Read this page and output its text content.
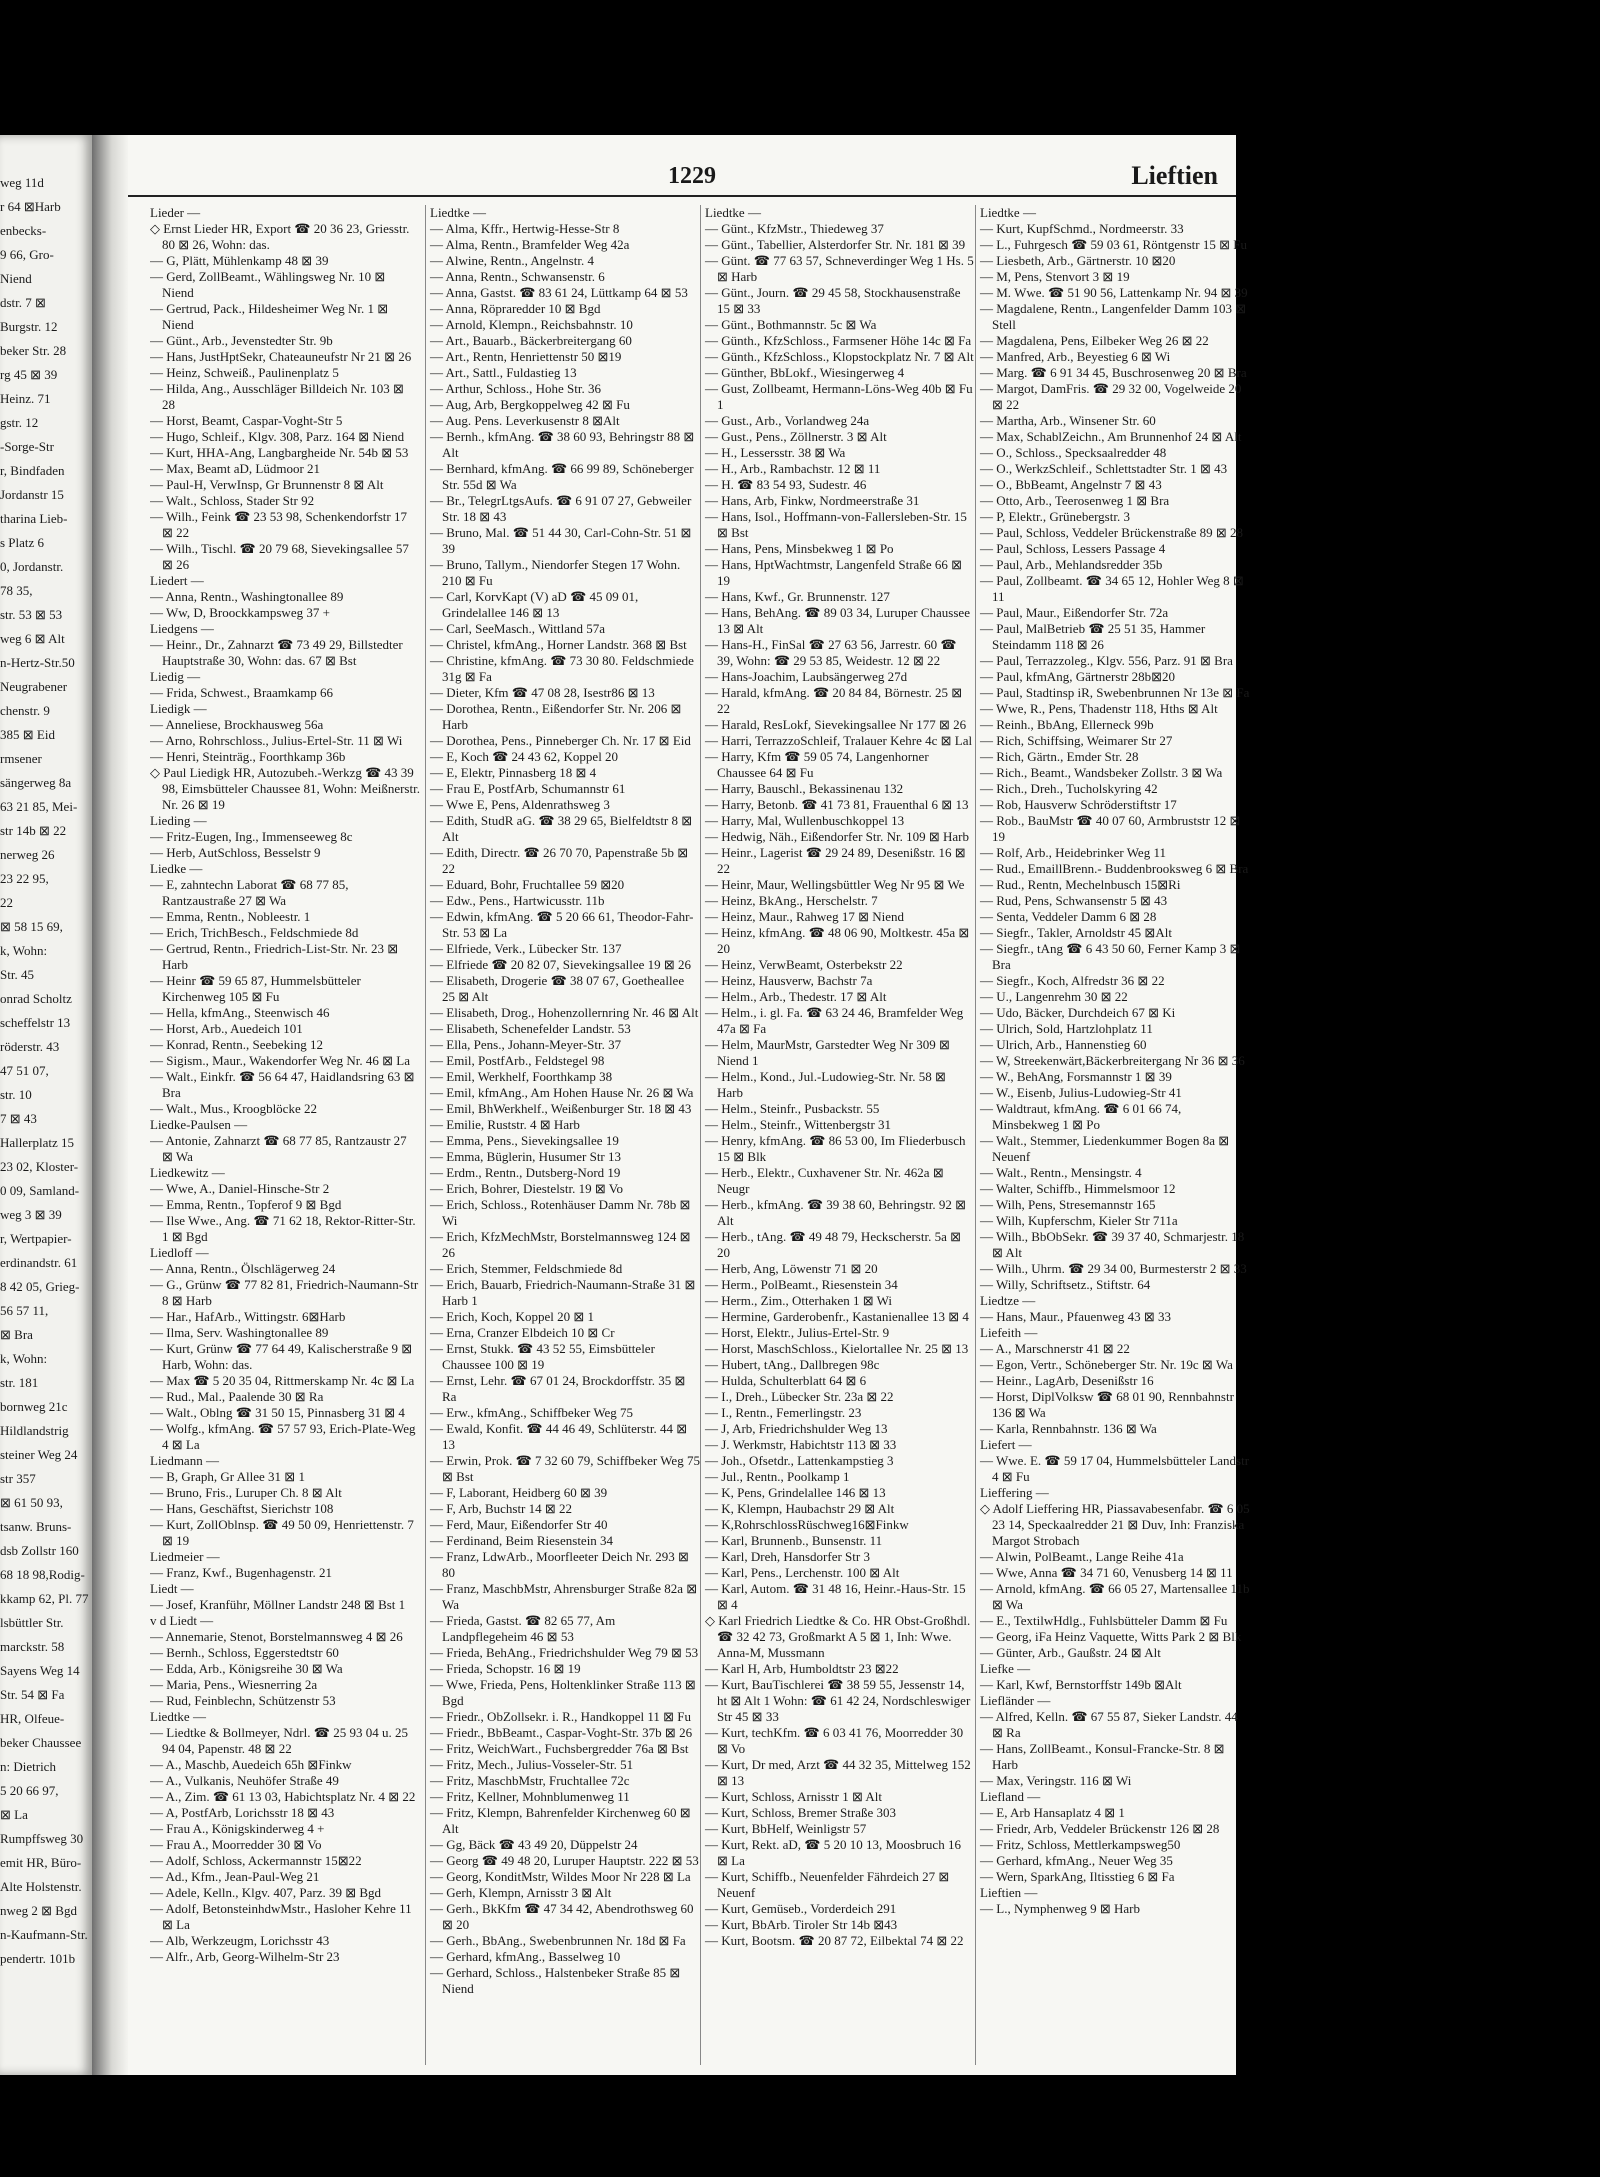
weg 11d
r 64 ⊠Harb
enbecks-
9 66, Gro-
Niend
dstr. 7 ⊠
Burgstr. 12
beker Str. 28
rg 45 ⊠ 39
Heinz. 71
gstr. 12
-Sorge-Str
r, Bindfaden
Jordanstr 15
tharina Lieb-
s Platz 6
0, Jordanstr.
78 35,
str. 53 ⊠ 53
weg 6 ⊠ Alt
n-Hertz-Str.50
Neugrabener
chenstr. 9
385 ⊠ Eid
rmsener
sängerweg 8a
63 21 85, Mei-
str 14b ⊠ 22
nerweg 26
23 22 95,
22
⊠ 58 15 69,
k, Wohn:
Str. 45
onrad Scholtz
scheffelstr 13
röderstr. 43
47 51 07,
str. 10
7 ⊠ 43
Hallerplatz 15
23 02, Kloster-
0 09, Samland-
weg 3 ⊠ 39
r, Wertpapier-
erdinandstr. 61
8 42 05, Grieg-
56 57 11,
⊠ Bra
k, Wohn:
str. 181
bornweg 21c
Hildlandstrig
steiner Weg 24
str 357
⊠ 61 50 93,
tsanw. Bruns-
dsb Zollstr 160
68 18 98,Rodig-
kkamp 62, Pl. 77
lsbüttler Str.
marckstr. 58
Sayens Weg 14
Str. 54 ⊠ Fa
HR, Olfeue-
beker Chaussee
n: Dietrich
5 20 66 97,
⊠ La
Rumpffsweg 30
emit HR, Büro-
Alte Holstenstr.
nweg 2 ⊠ Bgd
n-Kaufmann-Str.
pendertr. 101b
1229	Lieftien

Lieder —

◇ Ernst Lieder HR, Export ☎ 20 36 23, Griesstr. 80 ⊠ 26, Wohn: das.

— G, Plätt, Mühlenkamp 48 ⊠ 39

— Gerd, ZollBeamt., Wählingsweg Nr. 10 ⊠ Niend

— Gertrud, Pack., Hildesheimer Weg Nr. 1 ⊠ Niend

— Günt., Arb., Jevenstedter Str. 9b

— Hans, JustHptSekr, Chateauneufstr Nr 21 ⊠ 26

— Heinz, Schweiß., Paulinenplatz 5

— Hilda, Ang., Ausschläger Billdeich Nr. 103 ⊠ 28

— Horst, Beamt, Caspar-Voght-Str 5

— Hugo, Schleif., Klgv. 308, Parz. 164 ⊠ Niend

— Kurt, HHA-Ang, Langbargheide Nr. 54b ⊠ 53

— Max, Beamt aD, Lüdmoor 21

— Paul-H, VerwInsp, Gr Brunnenstr 8 ⊠ Alt

— Walt., Schloss, Stader Str 92

— Wilh., Feink ☎ 23 53 98, Schenkendorfstr 17 ⊠ 22

— Wilh., Tischl. ☎ 20 79 68, Sievekingsallee 57 ⊠ 26

Liedert —

— Anna, Rentn., Washingtonallee 89

— Ww, D, Broockkampsweg 37 +

Liedgens —

— Heinr., Dr., Zahnarzt ☎ 73 49 29, Billstedter Hauptstraße 30, Wohn: das. 67 ⊠ Bst

Liedig —

— Frida, Schwest., Braamkamp 66

Liedigk —

— Anneliese, Brockhausweg 56a

— Arno, Rohrschloss., Julius-Ertel-Str. 11 ⊠ Wi

— Henri, Steinträg., Foorthkamp 36b

◇ Paul Liedigk HR, Autozubeh.-Werkzg ☎ 43 39 98, Eimsbütteler Chaussee 81, Wohn: Meißnerstr. Nr. 26 ⊠ 19

Lieding —

— Fritz-Eugen, Ing., Immenseeweg 8c

— Herb, AutSchloss, Besselstr 9

Liedke —

— E, zahntechn Laborat ☎ 68 77 85, Rantzaustraße 27 ⊠ Wa

— Emma, Rentn., Nobleestr. 1

— Erich, TrichBesch., Feldschmiede 8d

— Gertrud, Rentn., Friedrich-List-Str. Nr. 23 ⊠ Harb

— Heinr ☎ 59 65 87, Hummelsbütteler Kirchenweg 105 ⊠ Fu

— Hella, kfmAng., Steenwisch 46

— Horst, Arb., Auedeich 101

— Konrad, Rentn., Seebeking 12

— Sigism., Maur., Wakendorfer Weg Nr. 46 ⊠ La

— Walt., Einkfr. ☎ 56 64 47, Haidlandsring 63 ⊠ Bra

— Walt., Mus., Kroogblöcke 22

Liedke-Paulsen —

— Antonie, Zahnarzt ☎ 68 77 85, Rantzaustr 27 ⊠ Wa

Liedkewitz —

— Wwe, A., Daniel-Hinsche-Str 2

— Emma, Rentn., Topferof 9 ⊠ Bgd

— Ilse Wwe., Ang. ☎ 71 62 18, Rektor-Ritter-Str. 1 ⊠ Bgd

Liedloff —

— Anna, Rentn., Ölschlägerweg 24

— G., Grünw ☎ 77 82 81, Friedrich-Naumann-Str 8 ⊠ Harb

— Har., HafArb., Wittingstr. 6⊠Harb

— Ilma, Serv. Washingtonallee 89

— Kurt, Grünw ☎ 77 64 49, Kalischerstraße 9 ⊠ Harb, Wohn: das.

— Max ☎ 5 20 35 04, Rittmerskamp Nr. 4c ⊠ La

— Rud., Mal., Paalende 30 ⊠ Ra

— Walt., Oblng ☎ 31 50 15, Pinnasberg 31 ⊠ 4

— Wolfg., kfmAng. ☎ 57 57 93, Erich-Plate-Weg 4 ⊠ La

Liedmann —

— B, Graph, Gr Allee 31 ⊠ 1

— Bruno, Fris., Luruper Ch. 8 ⊠ Alt

— Hans, Geschäftst, Sierichstr 108

— Kurt, ZollOblnsp. ☎ 49 50 09, Henriettenstr. 7 ⊠ 19

Liedmeier —

— Franz, Kwf., Bugenhagenstr. 21

Liedt —

— Josef, Kranführ, Möllner Landstr 248 ⊠ Bst 1

v d Liedt —

— Annemarie, Stenot, Borstelmannsweg 4 ⊠ 26

— Bernh., Schloss, Eggerstedtstr 60

— Edda, Arb., Königsreihe 30 ⊠ Wa

— Maria, Pens., Wiesnerring 2a

— Rud, Feinblechn, Schützenstr 53

Liedtke —

— Liedtke & Bollmeyer, Ndrl. ☎ 25 93 04 u. 25 94 04, Papenstr. 48 ⊠ 22

— A., Maschb, Auedeich 65h ⊠Finkw

— A., Vulkanis, Neuhöfer Straße 49

— A., Zim. ☎ 61 13 03, Habichtsplatz Nr. 4 ⊠ 22

— A, PostfArb, Lorichsstr 18 ⊠ 43

— Frau A., Königskinderweg 4 +

— Frau A., Moorredder 30 ⊠ Vo

— Adolf, Schloss, Ackermannstr 15⊠22

— Ad., Kfm., Jean-Paul-Weg 21

— Adele, Kelln., Klgv. 407, Parz. 39 ⊠ Bgd

— Adolf, BetonsteinhdwMstr., Hasloher Kehre 11 ⊠ La

— Alb, Werkzeugm, Lorichsstr 43

— Alfr., Arb, Georg-Wilhelm-Str 23

Liedtke —

— Alma, Kffr., Hertwig-Hesse-Str 8

— Alma, Rentn., Bramfelder Weg 42a

— Alwine, Rentn., Angelnstr. 4

— Anna, Rentn., Schwansenstr. 6

— Anna, Gastst. ☎ 83 61 24, Lüttkamp 64 ⊠ 53

— Anna, Röpraredder 10 ⊠ Bgd

— Arnold, Klempn., Reichsbahnstr. 10

— Art., Bauarb., Bäckerbreitergang 60

— Art., Rentn, Henriettenstr 50 ⊠19

— Art., Sattl., Fuldastieg 13

— Arthur, Schloss., Hohe Str. 36

— Aug, Arb, Bergkoppelweg 42 ⊠ Fu

— Aug. Pens. Leverkusenstr 8 ⊠Alt

— Bernh., kfmAng. ☎ 38 60 93, Behringstr 88 ⊠ Alt

— Bernhard, kfmAng. ☎ 66 99 89, Schöneberger Str. 55d ⊠ Wa

— Br., TelegrLtgsAufs. ☎ 6 91 07 27, Gebweiler Str. 18 ⊠ 43

— Bruno, Mal. ☎ 51 44 30, Carl-Cohn-Str. 51 ⊠ 39

— Bruno, Tallym., Niendorfer Stegen 17 Wohn. 210 ⊠ Fu

— Carl, KorvKapt (V) aD ☎ 45 09 01, Grindelallee 146 ⊠ 13

— Carl, SeeMasch., Wittland 57a

— Christel, kfmAng., Horner Landstr. 368 ⊠ Bst

— Christine, kfmAng. ☎ 73 30 80. Feldschmiede 31g ⊠ Fa

— Dieter, Kfm ☎ 47 08 28, Isestr86 ⊠ 13

— Dorothea, Rentn., Eißendorfer Str. Nr. 206 ⊠ Harb

— Dorothea, Pens., Pinneberger Ch. Nr. 17 ⊠ Eid

— E, Koch ☎ 24 43 62, Koppel 20

— E, Elektr, Pinnasberg 18 ⊠ 4

— Frau E, PostfArb, Schumannstr 61

— Wwe E, Pens, Aldenrathsweg 3

— Edith, StudR aG. ☎ 38 29 65, Bielfeldtstr 8 ⊠ Alt

— Edith, Directr. ☎ 26 70 70, Papenstraße 5b ⊠ 22

— Eduard, Bohr, Fruchtallee 59 ⊠20

— Edw., Pens., Hartwicusstr. 11b

— Edwin, kfmAng. ☎ 5 20 66 61, Theodor-Fahr-Str. 53 ⊠ La

— Elfriede, Verk., Lübecker Str. 137

— Elfriede ☎ 20 82 07, Sievekingsallee 19 ⊠ 26

— Elisabeth, Drogerie ☎ 38 07 67, Goetheallee 25 ⊠ Alt

— Elisabeth, Drog., Hohenzollernring Nr. 46 ⊠ Alt

— Elisabeth, Schenefelder Landstr. 53

— Ella, Pens., Johann-Meyer-Str. 37

— Emil, PostfArb., Feldstegel 98

— Emil, Werkhelf, Foorthkamp 38

— Emil, kfmAng., Am Hohen Hause Nr. 26 ⊠ Wa

— Emil, BhWerkhelf., Weißenburger Str. 18 ⊠ 43

— Emilie, Ruststr. 4 ⊠ Harb

— Emma, Pens., Sievekingsallee 19

— Emma, Büglerin, Husumer Str 13

— Erdm., Rentn., Dutsberg-Nord 19

— Erich, Bohrer, Diestelstr. 19 ⊠ Vo

— Erich, Schloss., Rotenhäuser Damm Nr. 78b ⊠ Wi

— Erich, KfzMechMstr, Borstelmannsweg 124 ⊠ 26

— Erich, Stemmer, Feldschmiede 8d

— Erich, Bauarb, Friedrich-Naumann-Straße 31 ⊠ Harb 1

— Erich, Koch, Koppel 20 ⊠ 1

— Erna, Cranzer Elbdeich 10 ⊠ Cr

— Ernst, Stukk. ☎ 43 52 55, Eimsbütteler Chaussee 100 ⊠ 19

— Ernst, Lehr. ☎ 67 01 24, Brockdorffstr. 35 ⊠ Ra

— Erw., kfmAng., Schiffbeker Weg 75

— Ewald, Konfit. ☎ 44 46 49, Schlüterstr. 44 ⊠ 13

— Erwin, Prok. ☎ 7 32 60 79, Schiffbeker Weg 75 ⊠ Bst

— F, Laborant, Heidberg 60 ⊠ 39

— F, Arb, Buchstr 14 ⊠ 22

— Ferd, Maur, Eißendorfer Str 40

— Ferdinand, Beim Riesenstein 34

— Franz, LdwArb., Moorfleeter Deich Nr. 293 ⊠ 80

— Franz, MaschbMstr, Ahrensburger Straße 82a ⊠ Wa

— Frieda, Gastst. ☎ 82 65 77, Am Landpflegeheim 46 ⊠ 53

— Frieda, BehAng., Friedrichshulder Weg 79 ⊠ 53

— Frieda, Schopstr. 16 ⊠ 19

— Wwe, Frieda, Pens, Holtenklinker Straße 113 ⊠ Bgd

— Friedr., ObZollsekr. i. R., Handkoppel 11 ⊠ Fu

— Friedr., BbBeamt., Caspar-Voght-Str. 37b ⊠ 26

— Fritz, WeichWart., Fuchsbergredder 76a ⊠ Bst

— Fritz, Mech., Julius-Vosseler-Str. 51

— Fritz, MaschbMstr, Fruchtallee 72c

— Fritz, Kellner, Mohnblumenweg 11

— Fritz, Klempn, Bahrenfelder Kirchenweg 60 ⊠ Alt

— Gg, Bäck ☎ 43 49 20, Düppelstr 24

— Georg ☎ 49 48 20, Luruper Hauptstr. 222 ⊠ 53

— Georg, KonditMstr, Wildes Moor Nr 228 ⊠ La

— Gerh, Klempn, Arnisstr 3 ⊠ Alt

— Gerh., BkKfm ☎ 47 34 42, Abendrothsweg 60 ⊠ 20

— Gerh., BbAng., Swebenbrunnen Nr. 18d ⊠ Fa

— Gerhard, kfmAng., Basselweg 10

— Gerhard, Schloss., Halstenbeker Straße 85 ⊠ Niend

Liedtke —

— Günt., KfzMstr., Thiedeweg 37

— Günt., Tabellier, Alsterdorfer Str. Nr. 181 ⊠ 39

— Günt. ☎ 77 63 57, Schneverdinger Weg 1 Hs. 5 ⊠ Harb

— Günt., Journ. ☎ 29 45 58, Stockhausenstraße 15 ⊠ 33

— Günt., Bothmannstr. 5c ⊠ Wa

— Günth., KfzSchloss., Farmsener Höhe 14c ⊠ Fa

— Günth., KfzSchloss., Klopstockplatz Nr. 7 ⊠ Alt

— Günther, BbLokf., Wiesingerweg 4

— Gust, Zollbeamt, Hermann-Löns-Weg 40b ⊠ Fu 1

— Gust., Arb., Vorlandweg 24a

— Gust., Pens., Zöllnerstr. 3 ⊠ Alt

— H., Lessersstr. 38 ⊠ Wa

— H., Arb., Rambachstr. 12 ⊠ 11

— H. ☎ 83 54 93, Sudestr. 46

— Hans, Arb, Finkw, Nordmeerstraße 31

— Hans, Isol., Hoffmann-von-Fallersleben-Str. 15 ⊠ Bst

— Hans, Pens, Minsbekweg 1 ⊠ Po

— Hans, HptWachtmstr, Langenfeld Straße 66 ⊠ 19

— Hans, Kwf., Gr. Brunnenstr. 127

— Hans, BehAng. ☎ 89 03 34, Luruper Chaussee 13 ⊠ Alt

— Hans-H., FinSal ☎ 27 63 56, Jarrestr. 60 ☎ 39, Wohn: ☎ 29 53 85, Weidestr. 12 ⊠ 22

— Hans-Joachim, Laubsängerweg 27d

— Harald, kfmAng. ☎ 20 84 84, Börnestr. 25 ⊠ 22

— Harald, ResLokf, Sievekingsallee Nr 177 ⊠ 26

— Harri, TerrazzoSchleif, Tralauer Kehre 4c ⊠ Lal

— Harry, Kfm ☎ 59 05 74, Langenhorner Chaussee 64 ⊠ Fu

— Harry, Bauschl., Bekassinenau 132

— Harry, Betonb. ☎ 41 73 81, Frauenthal 6 ⊠ 13

— Harry, Mal, Wullenbuschkoppel 13

— Hedwig, Näh., Eißendorfer Str. Nr. 109 ⊠ Harb

— Heinr., Lagerist ☎ 29 24 89, Desenißstr. 16 ⊠ 22

— Heinr, Maur, Wellingsbüttler Weg Nr 95 ⊠ We

— Heinz, BkAng., Herschelstr. 7

— Heinz, Maur., Rahweg 17 ⊠ Niend

— Heinz, kfmAng. ☎ 48 06 90, Moltkestr. 45a ⊠ 20

— Heinz, VerwBeamt, Osterbekstr 22

— Heinz, Hausverw, Bachstr 7a

— Helm., Arb., Thedestr. 17 ⊠ Alt

— Helm., i. gl. Fa. ☎ 63 24 46, Bramfelder Weg 47a ⊠ Fa

— Helm, MaurMstr, Garstedter Weg Nr 309 ⊠ Niend 1

— Helm., Kond., Jul.-Ludowieg-Str. Nr. 58 ⊠ Harb

— Helm., Steinfr., Pusbackstr. 55

— Helm., Steinfr., Wittenbergstr 31

— Henry, kfmAng. ☎ 86 53 00, Im Fliederbusch 15 ⊠ Blk

— Herb., Elektr., Cuxhavener Str. Nr. 462a ⊠ Neugr

— Herb., kfmAng. ☎ 39 38 60, Behringstr. 92 ⊠ Alt

— Herb., tAng. ☎ 49 48 79, Heckscherstr. 5a ⊠ 20

— Herb, Ang, Löwenstr 71 ⊠ 20

— Herm., PolBeamt., Riesenstein 34

— Herm., Zim., Otterhaken 1 ⊠ Wi

— Hermine, Garderobenfr., Kastanienallee 13 ⊠ 4

— Horst, Elektr., Julius-Ertel-Str. 9

— Horst, MaschSchloss., Kielortallee Nr. 25 ⊠ 13

— Hubert, tAng., Dallbregen 98c

— Hulda, Schulterblatt 64 ⊠ 6

— I., Dreh., Lübecker Str. 23a ⊠ 22

— I., Rentn., Femerlingstr. 23

— J, Arb, Friedrichshulder Weg 13

— J. Werkmstr, Habichtstr 113 ⊠ 33

— Joh., Ofsetdr., Lattenkampstieg 3

— Jul., Rentn., Poolkamp 1

— K, Pens, Grindelallee 146 ⊠ 13

— K, Klempn, Haubachstr 29 ⊠ Alt

— K,RohrschlossRüschweg16⊠Finkw

— Karl, Brunnenb., Bunsenstr. 11

— Karl, Dreh, Hansdorfer Str 3

— Karl, Pens., Lerchenstr. 100 ⊠ Alt

— Karl, Autom. ☎ 31 48 16, Heinr.-Haus-Str. 15 ⊠ 4

◇ Karl Friedrich Liedtke & Co. HR Obst-Großhdl. ☎ 32 42 73, Großmarkt A 5 ⊠ 1, Inh: Wwe. Anna-M, Mussmann

— Karl H, Arb, Humboldtstr 23 ⊠22

— Kurt, BauTischlerei ☎ 38 59 55, Jessenstr 14, ht ⊠ Alt 1 Wohn: ☎ 61 42 24, Nordschleswiger Str 45 ⊠ 33

— Kurt, techKfm. ☎ 6 03 41 76, Moorredder 30 ⊠ Vo

— Kurt, Dr med, Arzt ☎ 44 32 35, Mittelweg 152 ⊠ 13

— Kurt, Schloss, Arnisstr 1 ⊠ Alt

— Kurt, Schloss, Bremer Straße 303

— Kurt, BbHelf, Weinligstr 57

— Kurt, Rekt. aD, ☎ 5 20 10 13, Moosbruch 16 ⊠ La

— Kurt, Schiffb., Neuenfelder Fährdeich 27 ⊠ Neuenf

— Kurt, Gemüseb., Vorderdeich 291

— Kurt, BbArb. Tiroler Str 14b ⊠43

— Kurt, Bootsm. ☎ 20 87 72, Eilbektal 74 ⊠ 22

Liedtke —

— Kurt, KupfSchmd., Nordmeerstr. 33

— L., Fuhrgesch ☎ 59 03 61, Röntgenstr 15 ⊠ Fu

— Liesbeth, Arb., Gärtnerstr. 10 ⊠20

— M, Pens, Stenvort 3 ⊠ 19

— M. Wwe. ☎ 51 90 56, Lattenkamp Nr. 94 ⊠ 39

— Magdalene, Rentn., Langenfelder Damm 103 ⊠ Stell

— Magdalena, Pens, Eilbeker Weg 26 ⊠ 22

— Manfred, Arb., Beyestieg 6 ⊠ Wi

— Marg. ☎ 6 91 34 45, Buschrosenweg 20 ⊠ Bra

— Margot, DamFris. ☎ 29 32 00, Vogelweide 20 ⊠ 22

— Martha, Arb., Winsener Str. 60

— Max, SchablZeichn., Am Brunnenhof 24 ⊠ Alt

— O., Schloss., Specksaalredder 48

— O., WerkzSchleif., Schlettstadter Str. 1 ⊠ 43

— O., BbBeamt, Angelnstr 7 ⊠ 43

— Otto, Arb., Teerosenweg 1 ⊠ Bra

— P, Elektr., Grünebergstr. 3

— Paul, Schloss, Veddeler Brückenstraße 89 ⊠ 28

— Paul, Schloss, Lessers Passage 4

— Paul, Arb., Mehlandsredder 35b

— Paul, Zollbeamt. ☎ 34 65 12, Hohler Weg 8 ⊠ 11

— Paul, Maur., Eißendorfer Str. 72a

— Paul, MalBetrieb ☎ 25 51 35, Hammer Steindamm 118 ⊠ 26

— Paul, Terrazzoleg., Klgv. 556, Parz. 91 ⊠ Bra

— Paul, kfmAng, Gärtnerstr 28b⊠20

— Paul, Stadtinsp iR, Swebenbrunnen Nr 13e ⊠ Fa

— Wwe, R., Pens, Thadenstr 118, Hths ⊠ Alt

— Reinh., BbAng, Ellerneck 99b

— Rich, Schiffsing, Weimarer Str 27

— Rich, Gärtn., Emder Str. 28

— Rich., Beamt., Wandsbeker Zollstr. 3 ⊠ Wa

— Rich., Dreh., Tucholskyring 42

— Rob, Hausverw Schröderstiftstr 17

— Rob., BauMstr ☎ 40 07 60, Armbruststr 12 ⊠ 19

— Rolf, Arb., Heidebrinker Weg 11

— Rud., EmaillBrenn.- Buddenbrooksweg 6 ⊠ Bra

— Rud., Rentn, Mechelnbusch 15⊠Ri

— Rud, Pens, Schwansenstr 5 ⊠ 43

— Senta, Veddeler Damm 6 ⊠ 28

— Siegfr., Takler, Arnoldstr 45 ⊠Alt

— Siegfr., tAng ☎ 6 43 50 60, Ferner Kamp 3 ⊠ Bra

— Siegfr., Koch, Alfredstr 36 ⊠ 22

— U., Langenrehm 30 ⊠ 22

— Udo, Bäcker, Durchdeich 67 ⊠ Ki

— Ulrich, Sold, Hartzlohplatz 11

— Ulrich, Arb., Hannenstieg 60

— W, Streekenwärt,Bäckerbreitergang Nr 36 ⊠ 36

— W., BehAng, Forsmannstr 1 ⊠ 39

— W., Eisenb, Julius-Ludowieg-Str 41

— Waldtraut, kfmAng. ☎ 6 01 66 74, Minsbekweg 1 ⊠ Po

— Walt., Stemmer, Liedenkummer Bogen 8a ⊠ Neuenf

— Walt., Rentn., Mensingstr. 4

— Walter, Schiffb., Himmelsmoor 12

— Wilh, Pens, Stresemannstr 165

— Wilh, Kupferschm, Kieler Str 711a

— Wilh., BbObSekr. ☎ 39 37 40, Schmarjestr. 18 ⊠ Alt

— Wilh., Uhrm. ☎ 29 34 00, Burmesterstr 2 ⊠ 33

— Willy, Schriftsetz., Stiftstr. 64

Liedtze —

— Hans, Maur., Pfauenweg 43 ⊠ 33

Liefeith —

— A., Marschnerstr 41 ⊠ 22

— Egon, Vertr., Schöneberger Str. Nr. 19c ⊠ Wa

— Heinr., LagArb, Desenißstr 16

— Horst, DiplVolksw ☎ 68 01 90, Rennbahnstr 136 ⊠ Wa

— Karla, Rennbahnstr. 136 ⊠ Wa

Liefert —

— Wwe. E. ☎ 59 17 04, Hummelsbütteler Landstr 4 ⊠ Fu

Lieffering —

◇ Adolf Lieffering HR, Piassavabesenfabr. ☎ 6 05 23 14, Speckaalredder 21 ⊠ Duv, Inh: Franziska Margot Strobach

— Alwin, PolBeamt., Lange Reihe 41a

— Wwe, Anna ☎ 34 71 60, Venusberg 14 ⊠ 11

— Arnold, kfmAng. ☎ 66 05 27, Martensallee 11b ⊠ Wa

— E., TextilwHdlg., Fuhlsbütteler Damm ⊠ Fu

— Georg, iFa Heinz Vaquette, Witts Park 2 ⊠ Blk

— Günter, Arb., Gaußstr. 24 ⊠ Alt

Liefke —

— Karl, Kwf, Bernstorffstr 149b ⊠Alt

Liefländer —

— Alfred, Kelln. ☎ 67 55 87, Sieker Landstr. 44 ⊠ Ra

— Hans, ZollBeamt., Konsul-Francke-Str. 8 ⊠ Harb

— Max, Veringstr. 116 ⊠ Wi

Liefland —

— E, Arb Hansaplatz 4 ⊠ 1

— Friedr, Arb, Veddeler Brückenstr 126 ⊠ 28

— Fritz, Schloss, Mettlerkampsweg50

— Gerhard, kfmAng., Neuer Weg 35

— Wern, SparkAng, Iltisstieg 6 ⊠ Fa

Lieftien —

— L., Nymphenweg 9 ⊠ Harb
